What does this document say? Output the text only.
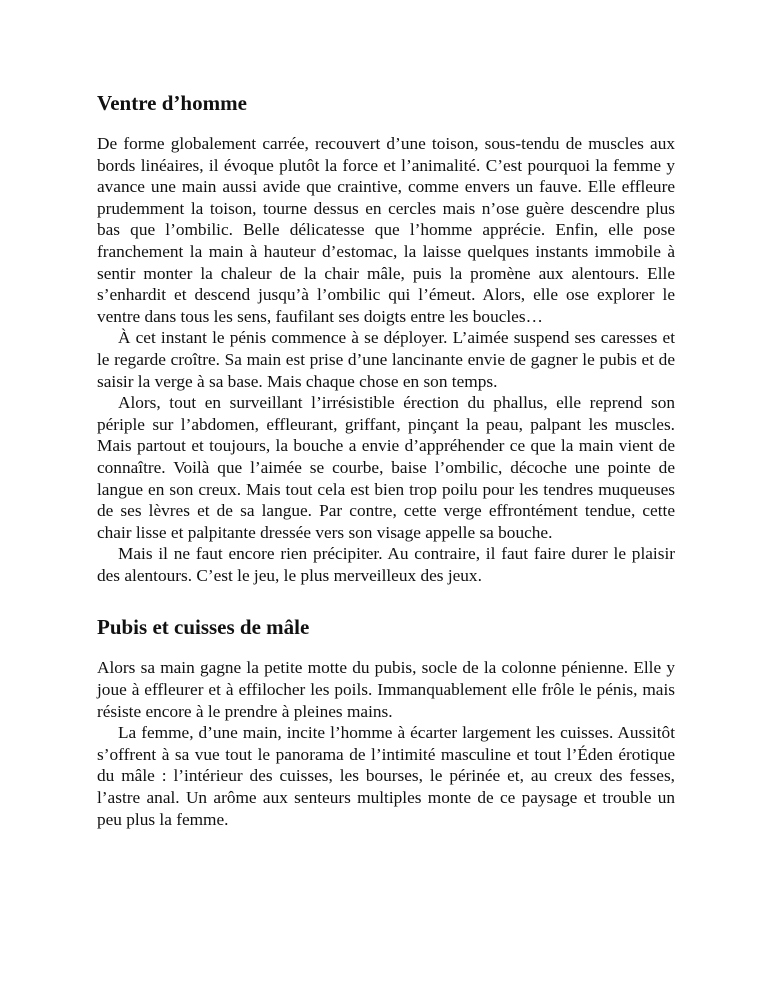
Ventre d’homme

De forme globalement carrée, recouvert d’une toison, sous-tendu de muscles aux bords linéaires, il évoque plutôt la force et l’animalité. C’est pourquoi la femme y avance une main aussi avide que craintive, comme envers un fauve. Elle effleure prudemment la toison, tourne dessus en cercles mais n’ose guère descendre plus bas que l’ombilic. Belle délicatesse que l’homme apprécie. Enfin, elle pose franchement la main à hauteur d’estomac, la laisse quelques instants immobile à sentir monter la chaleur de la chair mâle, puis la promène aux alentours. Elle s’enhardit et descend jusqu’à l’ombilic qui l’émeut. Alors, elle ose explorer le ventre dans tous les sens, faufilant ses doigts entre les boucles…

À cet instant le pénis commence à se déployer. L’aimée suspend ses caresses et le regarde croître. Sa main est prise d’une lancinante envie de gagner le pubis et de saisir la verge à sa base. Mais chaque chose en son temps.

Alors, tout en surveillant l’irrésistible érection du phallus, elle reprend son périple sur l’abdomen, effleurant, griffant, pinçant la peau, palpant les muscles. Mais partout et toujours, la bouche a envie d’appréhender ce que la main vient de connaître. Voilà que l’aimée se courbe, baise l’ombilic, décoche une pointe de langue en son creux. Mais tout cela est bien trop poilu pour les tendres muqueuses de ses lèvres et de sa langue. Par contre, cette verge effrontément tendue, cette chair lisse et palpitante dressée vers son visage appelle sa bouche.

Mais il ne faut encore rien précipiter. Au contraire, il faut faire durer le plaisir des alentours. C’est le jeu, le plus merveilleux des jeux.

Pubis et cuisses de mâle

Alors sa main gagne la petite motte du pubis, socle de la colonne pénienne. Elle y joue à effleurer et à effilocher les poils. Immanquablement elle frôle le pénis, mais résiste encore à le prendre à pleines mains.

La femme, d’une main, incite l’homme à écarter largement les cuisses. Aussitôt s’offrent à sa vue tout le panorama de l’intimité masculine et tout l’Éden érotique du mâle : l’intérieur des cuisses, les bourses, le périnée et, au creux des fesses, l’astre anal. Un arôme aux senteurs multiples monte de ce paysage et trouble un peu plus la femme.
